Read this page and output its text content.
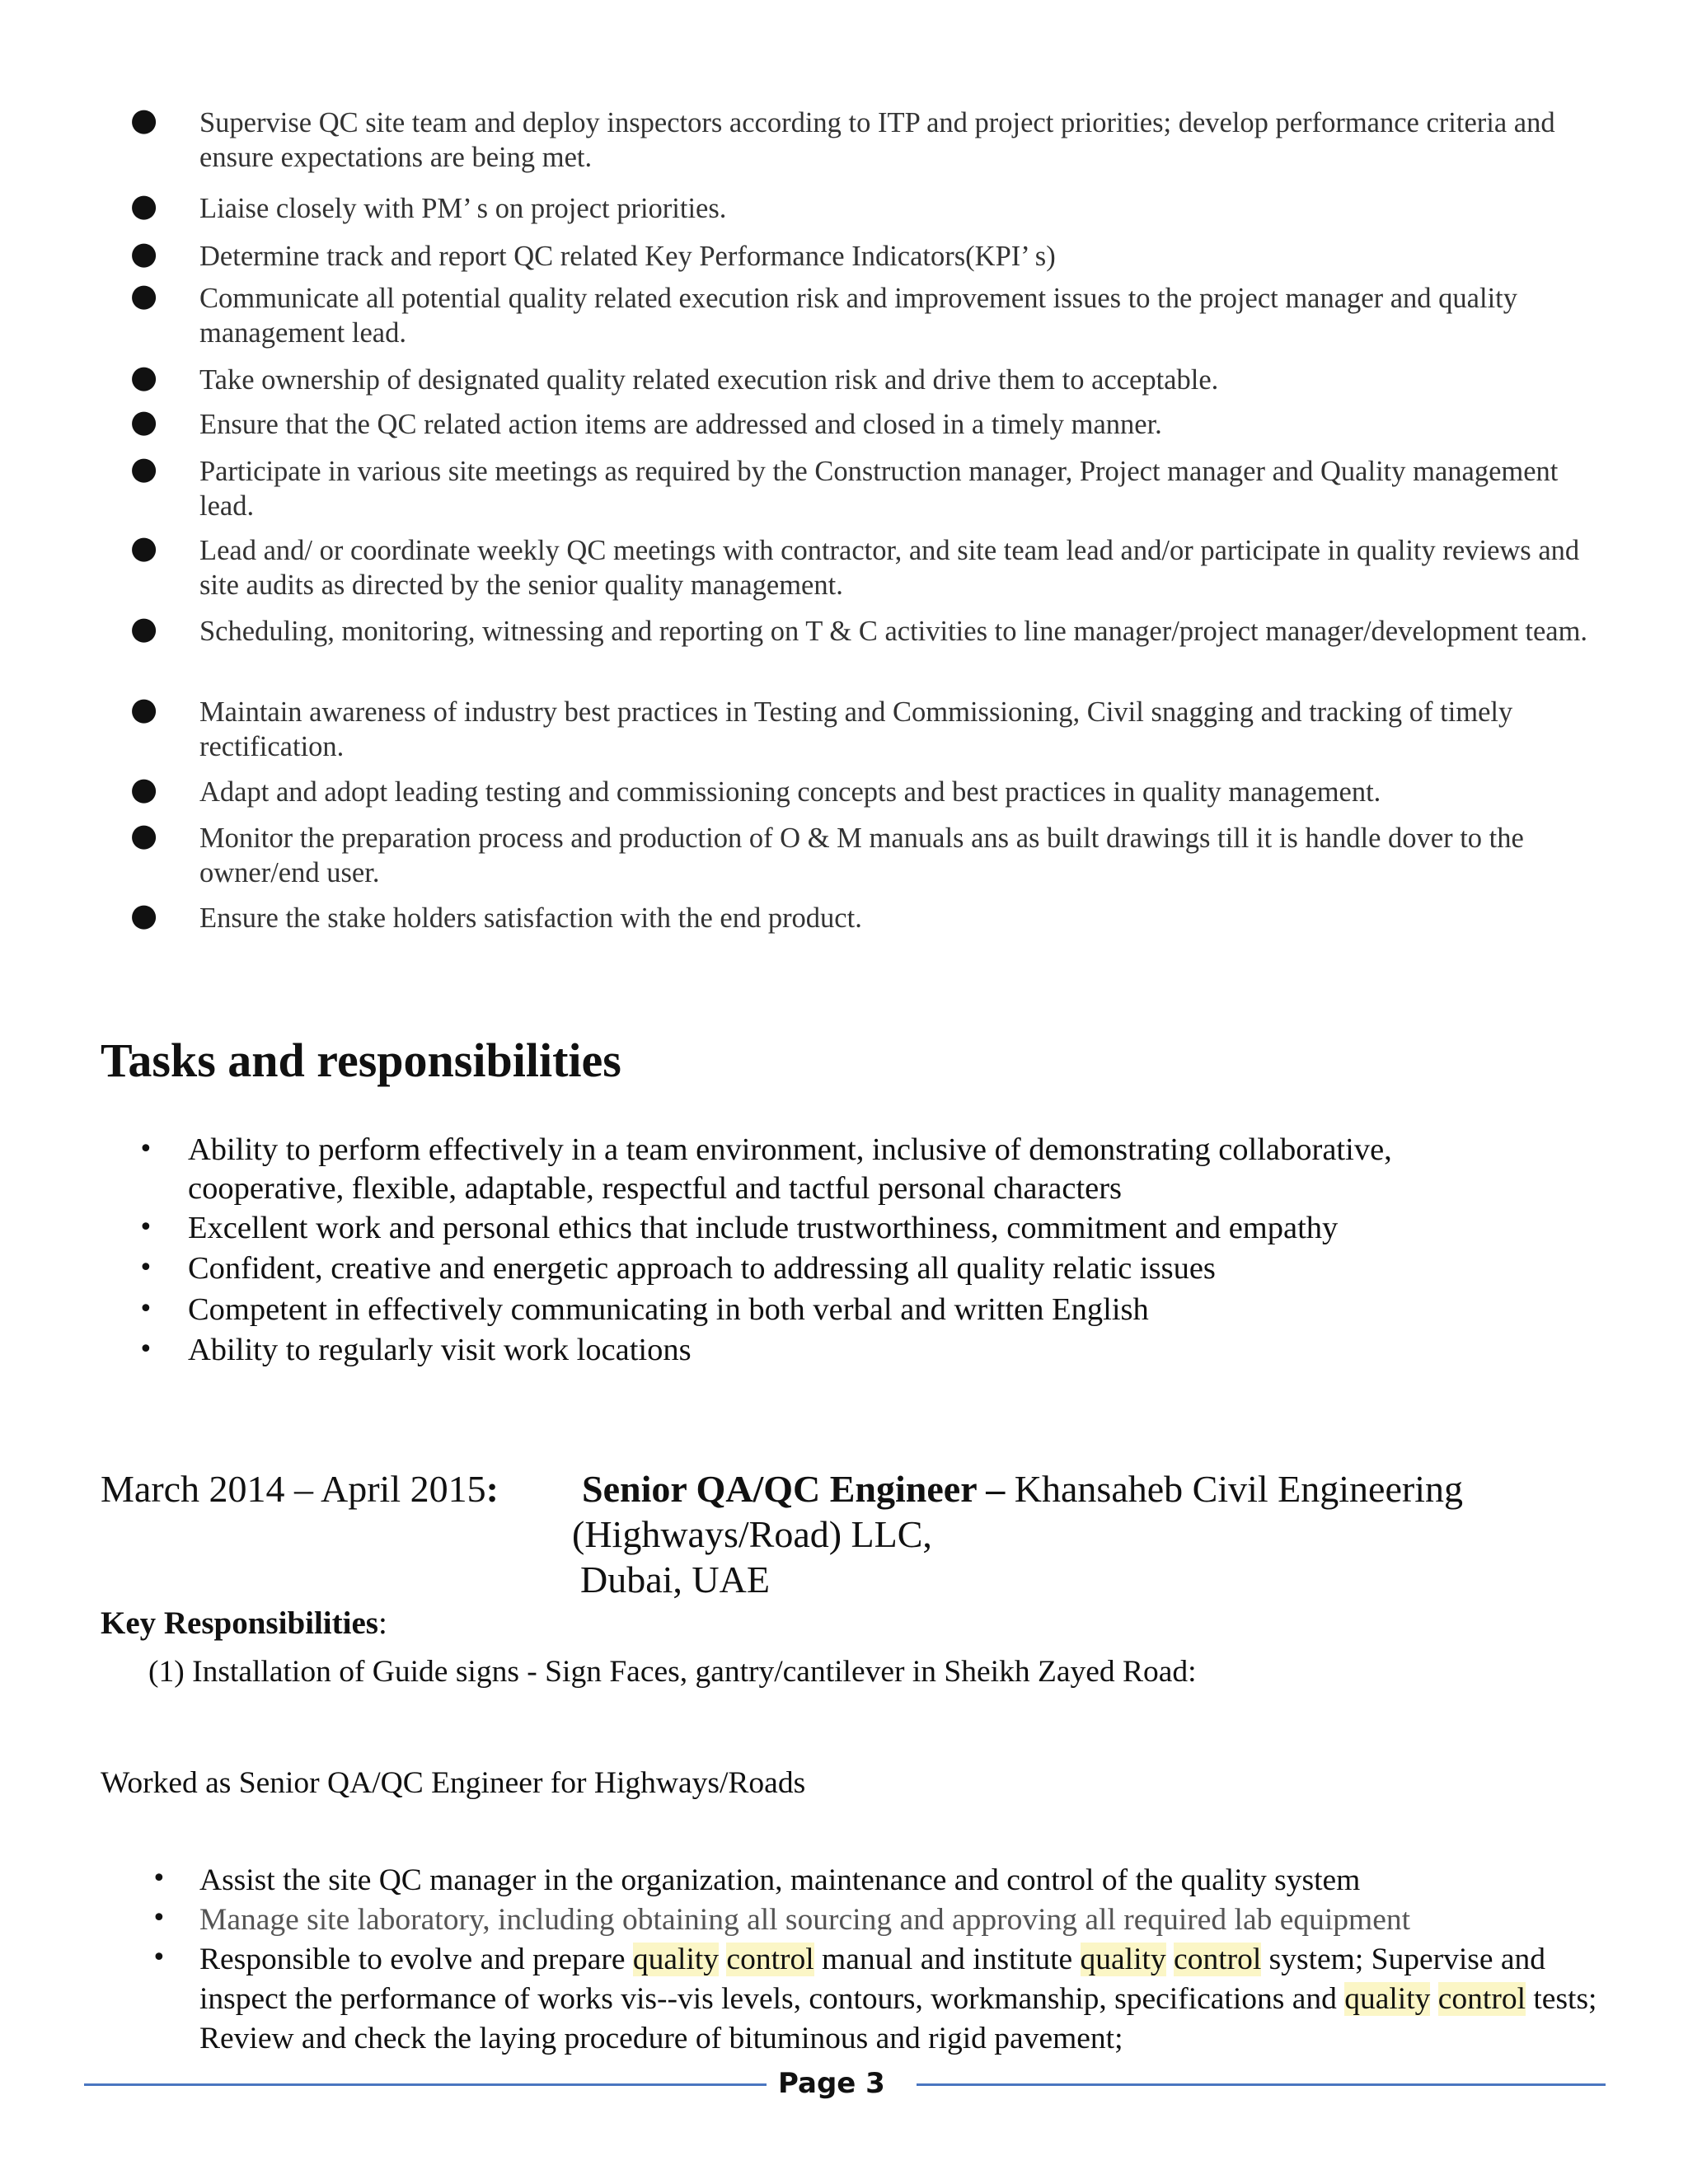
● Supervise QC site team and deploy inspectors according to ITP and project priorities; develop performance criteria and ensure expectations are being met.
● Liaise closely with PM’ s on project priorities.
● Determine track and report QC related Key Performance Indicators(KPI’ s)
● Communicate all potential quality related execution risk and improvement issues to the project manager and quality management lead.
● Take ownership of designated quality related execution risk and drive them to acceptable.
● Ensure that the QC related action items are addressed and closed in a timely manner.
● Participate in various site meetings as required by the Construction manager, Project manager and Quality management lead.
● Lead and/ or coordinate weekly QC meetings with contractor, and site team lead and/or participate in quality reviews and site audits as directed by the senior quality management.
● Scheduling, monitoring, witnessing and reporting on T & C activities to line manager/project manager/development team.
● Maintain awareness of industry best practices in Testing and Commissioning, Civil snagging and tracking of timely rectification.
● Adapt and adopt leading testing and commissioning concepts and best practices in quality management.
● Monitor the preparation process and production of O & M manuals ans as built drawings till it is handle dover to the owner/end user.
● Ensure the stake holders satisfaction with the end product.
Tasks and responsibilities
• Ability to perform effectively in a team environment, inclusive of demonstrating collaborative, cooperative, flexible, adaptable, respectful and tactful personal characters
• Excellent work and personal ethics that include trustworthiness, commitment and empathy
• Confident, creative and energetic approach to addressing all quality relatic issues
• Competent in effectively communicating in both verbal and written English
• Ability to regularly visit work locations
March 2014 – April 2015: Senior QA/QC Engineer – Khansaheb Civil Engineering
(Highways/Road) LLC,
Dubai, UAE
Key Responsibilities:
(1) Installation of Guide signs - Sign Faces, gantry/cantilever in Sheikh Zayed Road:
Worked as Senior QA/QC Engineer for Highways/Roads
• Assist the site QC manager in the organization, maintenance and control of the quality system
• Manage site laboratory, including obtaining all sourcing and approving all required lab equipment
• Responsible to evolve and prepare quality control manual and institute quality control system; Supervise and inspect the performance of works vis--vis levels, contours, workmanship, specifications and quality control tests; Review and check the laying procedure of bituminous and rigid pavement;
Page 3
